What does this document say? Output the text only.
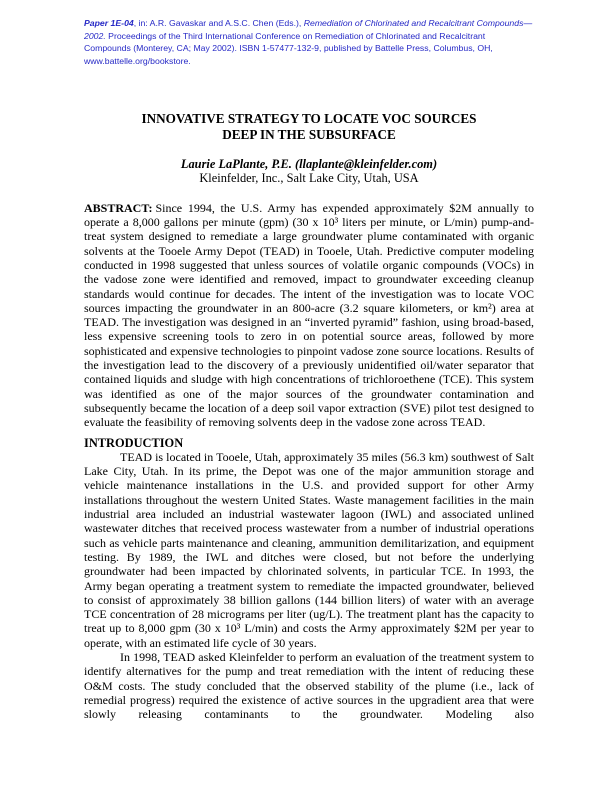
Paper 1E-04, in: A.R. Gavaskar and A.S.C. Chen (Eds.), Remediation of Chlorinated and Recalcitrant Compounds—2002. Proceedings of the Third International Conference on Remediation of Chlorinated and Recalcitrant Compounds (Monterey, CA; May 2002). ISBN 1-57477-132-9, published by Battelle Press, Columbus, OH, www.battelle.org/bookstore.

INNOVATIVE STRATEGY TO LOCATE VOC SOURCES
DEEP IN THE SUBSURFACE

Laurie LaPlante, P.E. (llaplante@kleinfelder.com)

Kleinfelder, Inc., Salt Lake City, Utah, USA

ABSTRACT: Since 1994, the U.S. Army has expended approximately $2M annually to operate a 8,000 gallons per minute (gpm) (30 x 10³ liters per minute, or L/min) pump-and-treat system designed to remediate a large groundwater plume contaminated with organic solvents at the Tooele Army Depot (TEAD) in Tooele, Utah. Predictive computer modeling conducted in 1998 suggested that unless sources of volatile organic compounds (VOCs) in the vadose zone were identified and removed, impact to groundwater exceeding cleanup standards would continue for decades. The intent of the investigation was to locate VOC sources impacting the groundwater in an 800-acre (3.2 square kilometers, or km²) area at TEAD. The investigation was designed in an “inverted pyramid” fashion, using broad-based, less expensive screening tools to zero in on potential source areas, followed by more sophisticated and expensive technologies to pinpoint vadose zone source locations. Results of the investigation lead to the discovery of a previously unidentified oil/water separator that contained liquids and sludge with high concentrations of trichloroethene (TCE). This system was identified as one of the major sources of the groundwater contamination and subsequently became the location of a deep soil vapor extraction (SVE) pilot test designed to evaluate the feasibility of removing solvents deep in the vadose zone across TEAD.

INTRODUCTION

TEAD is located in Tooele, Utah, approximately 35 miles (56.3 km) southwest of Salt Lake City, Utah. In its prime, the Depot was one of the major ammunition storage and vehicle maintenance installations in the U.S. and provided support for other Army installations throughout the western United States. Waste management facilities in the main industrial area included an industrial wastewater lagoon (IWL) and associated unlined wastewater ditches that received process wastewater from a number of industrial operations such as vehicle parts maintenance and cleaning, ammunition demilitarization, and equipment testing. By 1989, the IWL and ditches were closed, but not before the underlying groundwater had been impacted by chlorinated solvents, in particular TCE. In 1993, the Army began operating a treatment system to remediate the impacted groundwater, believed to consist of approximately 38 billion gallons (144 billion liters) of water with an average TCE concentration of 28 micrograms per liter (ug/L). The treatment plant has the capacity to treat up to 8,000 gpm (30 x 10³ L/min) and costs the Army approximately $2M per year to operate, with an estimated life cycle of 30 years.

In 1998, TEAD asked Kleinfelder to perform an evaluation of the treatment system to identify alternatives for the pump and treat remediation with the intent of reducing these O&M costs. The study concluded that the observed stability of the plume (i.e., lack of remedial progress) required the existence of active sources in the upgradient area that were slowly releasing contaminants to the groundwater. Modeling also
